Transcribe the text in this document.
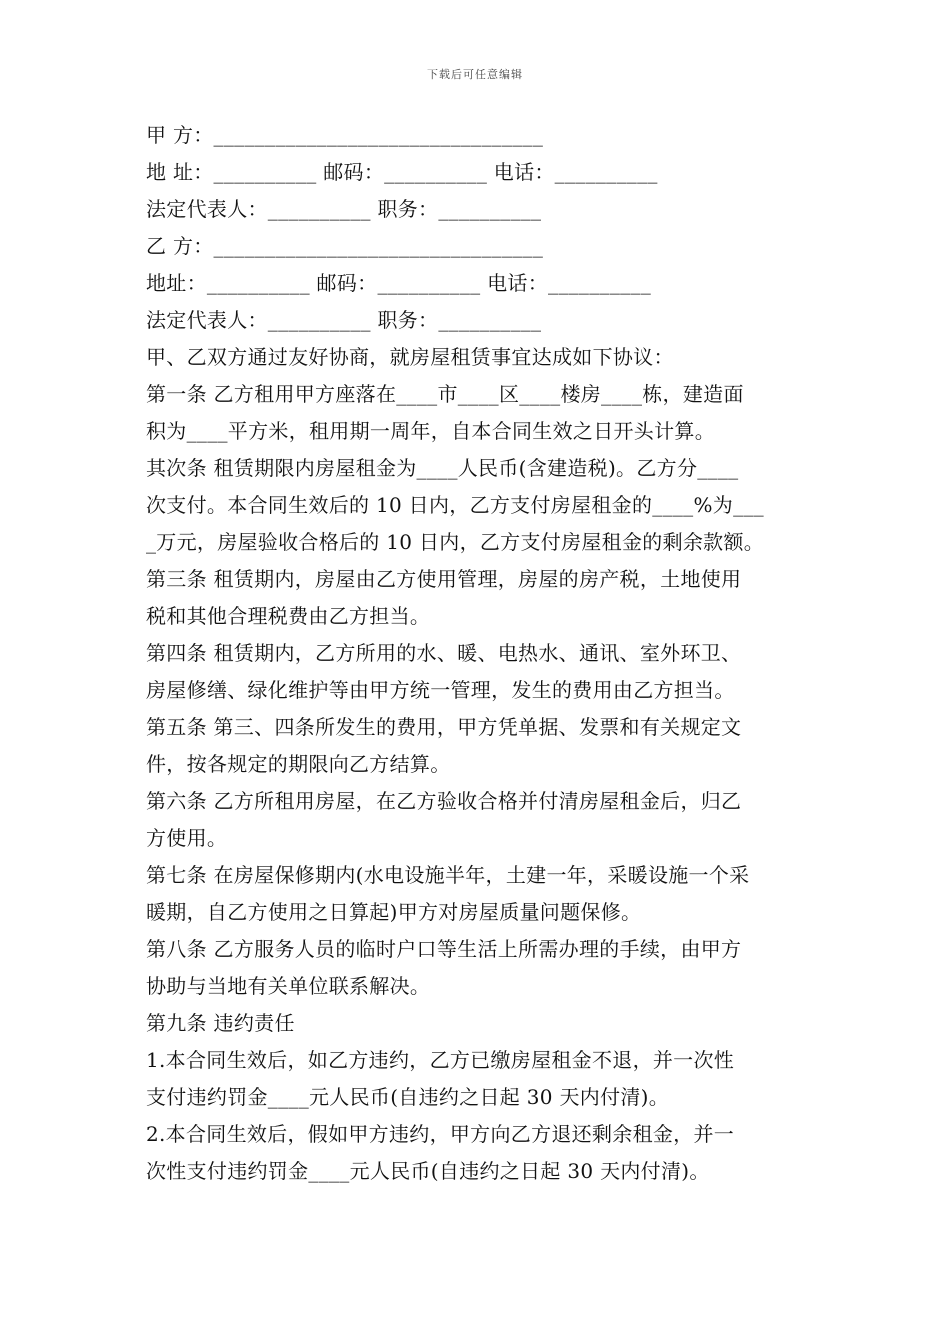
下载后可任意编辑
甲 方：________________________________
地 址：__________ 邮码：__________ 电话：__________
法定代表人：__________ 职务：__________
乙 方：________________________________
地址：__________ 邮码：__________ 电话：__________
法定代表人：__________ 职务：__________
甲、乙双方通过友好协商，就房屋租赁事宜达成如下协议：
第一条 乙方租用甲方座落在____市____区____楼房____栋，建造面
积为____平方米，租用期一周年，自本合同生效之日开头计算。
其次条 租赁期限内房屋租金为____人民币(含建造税)。乙方分____
次支付。本合同生效后的 10 日内，乙方支付房屋租金的____%为___
_万元，房屋验收合格后的 10 日内，乙方支付房屋租金的剩余款额。
第三条 租赁期内，房屋由乙方使用管理，房屋的房产税，土地使用
税和其他合理税费由乙方担当。
第四条 租赁期内，乙方所用的水、暖、电热水、通讯、室外环卫、
房屋修缮、绿化维护等由甲方统一管理，发生的费用由乙方担当。
第五条 第三、四条所发生的费用，甲方凭单据、发票和有关规定文
件，按各规定的期限向乙方结算。
第六条 乙方所租用房屋，在乙方验收合格并付清房屋租金后，归乙
方使用。
第七条 在房屋保修期内(水电设施半年，土建一年，采暖设施一个采
暖期，自乙方使用之日算起)甲方对房屋质量问题保修。
第八条 乙方服务人员的临时户口等生活上所需办理的手续，由甲方
协助与当地有关单位联系解决。
第九条 违约责任
1.本合同生效后，如乙方违约，乙方已缴房屋租金不退，并一次性
支付违约罚金____元人民币(自违约之日起 30 天内付清)。
2.本合同生效后，假如甲方违约，甲方向乙方退还剩余租金，并一
次性支付违约罚金____元人民币(自违约之日起 30 天内付清)。
